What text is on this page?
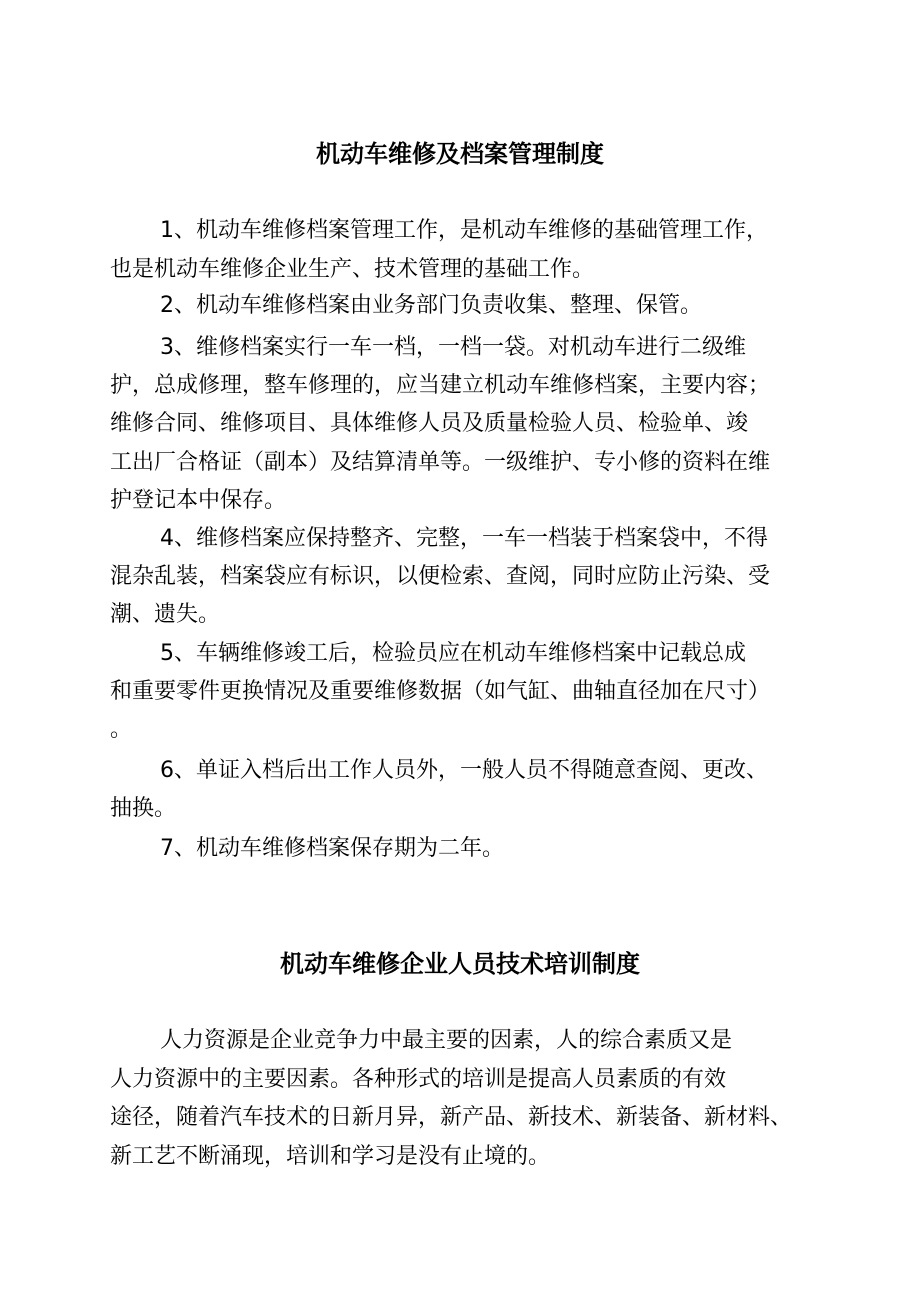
机动车维修及档案管理制度
1、机动车维修档案管理工作，是机动车维修的基础管理工作，
也是机动车维修企业生产、技术管理的基础工作。
2、机动车维修档案由业务部门负责收集、整理、保管。
3、维修档案实行一车一档，一档一袋。对机动车进行二级维
护，总成修理，整车修理的，应当建立机动车维修档案，主要内容；
维修合同、维修项目、具体维修人员及质量检验人员、检验单、竣
工出厂合格证（副本）及结算清单等。一级维护、专小修的资料在维
护登记本中保存。
4、维修档案应保持整齐、完整，一车一档装于档案袋中，不得
混杂乱装，档案袋应有标识，以便检索、查阅，同时应防止污染、受
潮、遗失。
5、车辆维修竣工后，检验员应在机动车维修档案中记载总成
和重要零件更换情况及重要维修数据（如气缸、曲轴直径加在尺寸）
。
6、单证入档后出工作人员外，一般人员不得随意查阅、更改、
抽换。
7、机动车维修档案保存期为二年。
机动车维修企业人员技术培训制度
人力资源是企业竞争力中最主要的因素，人的综合素质又是
人力资源中的主要因素。各种形式的培训是提高人员素质的有效
途径，随着汽车技术的日新月异，新产品、新技术、新装备、新材料、
新工艺不断涌现，培训和学习是没有止境的。
